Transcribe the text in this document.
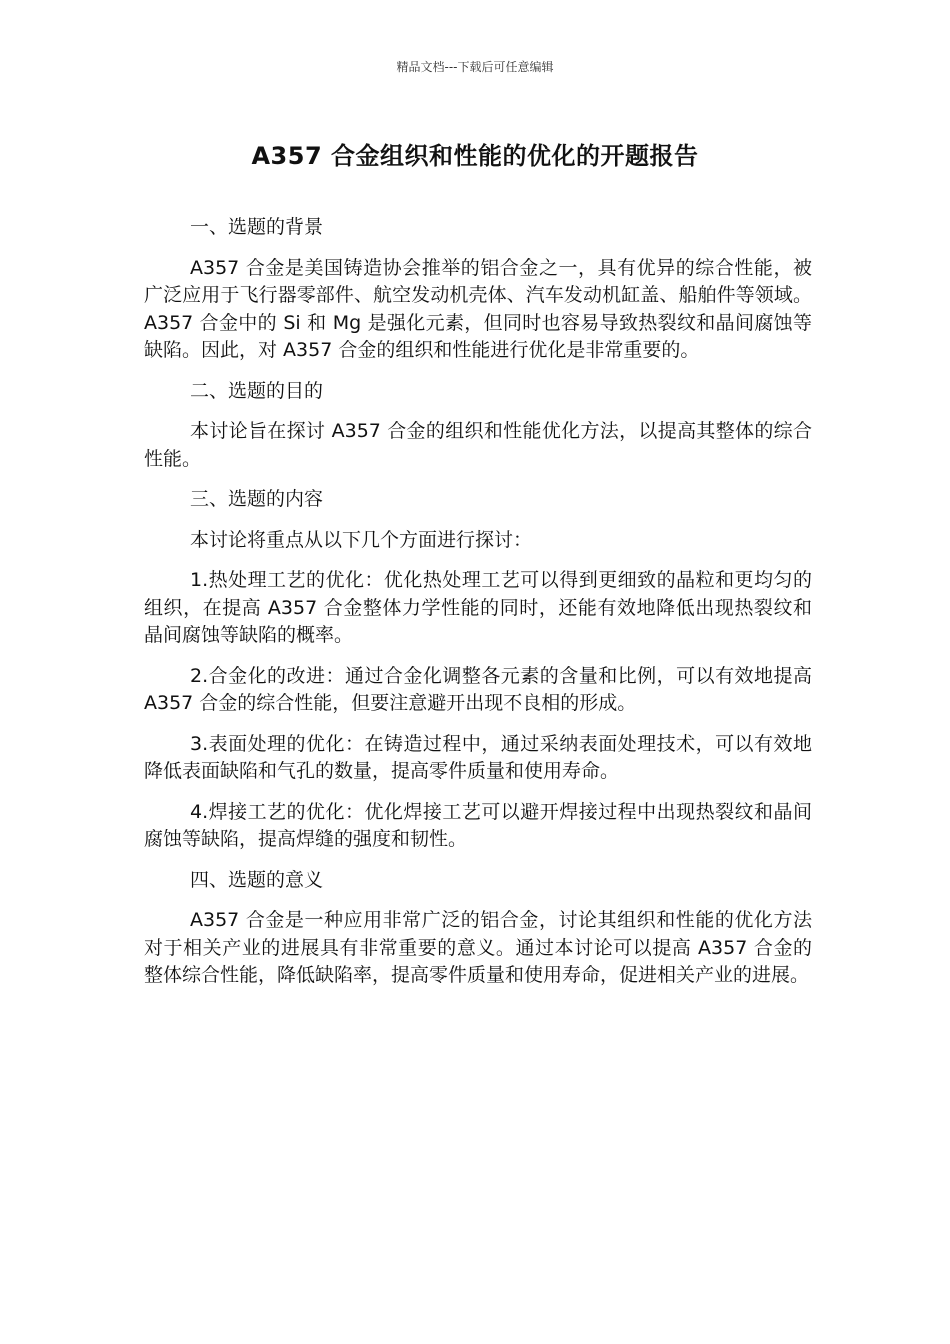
精品文档---下载后可任意编辑
A357 合金组织和性能的优化的开题报告

一、选题的背景

A357 合金是美国铸造协会推举的铝合金之一，具有优异的综合性能，被广泛应用于飞行器零部件、航空发动机壳体、汽车发动机缸盖、船舶件等领域。A357 合金中的 Si 和 Mg 是强化元素，但同时也容易导致热裂纹和晶间腐蚀等缺陷。因此，对 A357 合金的组织和性能进行优化是非常重要的。

二、选题的目的

本讨论旨在探讨 A357 合金的组织和性能优化方法，以提高其整体的综合性能。

三、选题的内容

本讨论将重点从以下几个方面进行探讨：

1.热处理工艺的优化：优化热处理工艺可以得到更细致的晶粒和更均匀的组织，在提高 A357 合金整体力学性能的同时，还能有效地降低出现热裂纹和晶间腐蚀等缺陷的概率。

2.合金化的改进：通过合金化调整各元素的含量和比例，可以有效地提高 A357 合金的综合性能，但要注意避开出现不良相的形成。

3.表面处理的优化：在铸造过程中，通过采纳表面处理技术，可以有效地降低表面缺陷和气孔的数量，提高零件质量和使用寿命。

4.焊接工艺的优化：优化焊接工艺可以避开焊接过程中出现热裂纹和晶间腐蚀等缺陷，提高焊缝的强度和韧性。

四、选题的意义

A357 合金是一种应用非常广泛的铝合金，讨论其组织和性能的优化方法对于相关产业的进展具有非常重要的意义。通过本讨论可以提高 A357 合金的整体综合性能，降低缺陷率，提高零件质量和使用寿命，促进相关产业的进展。
